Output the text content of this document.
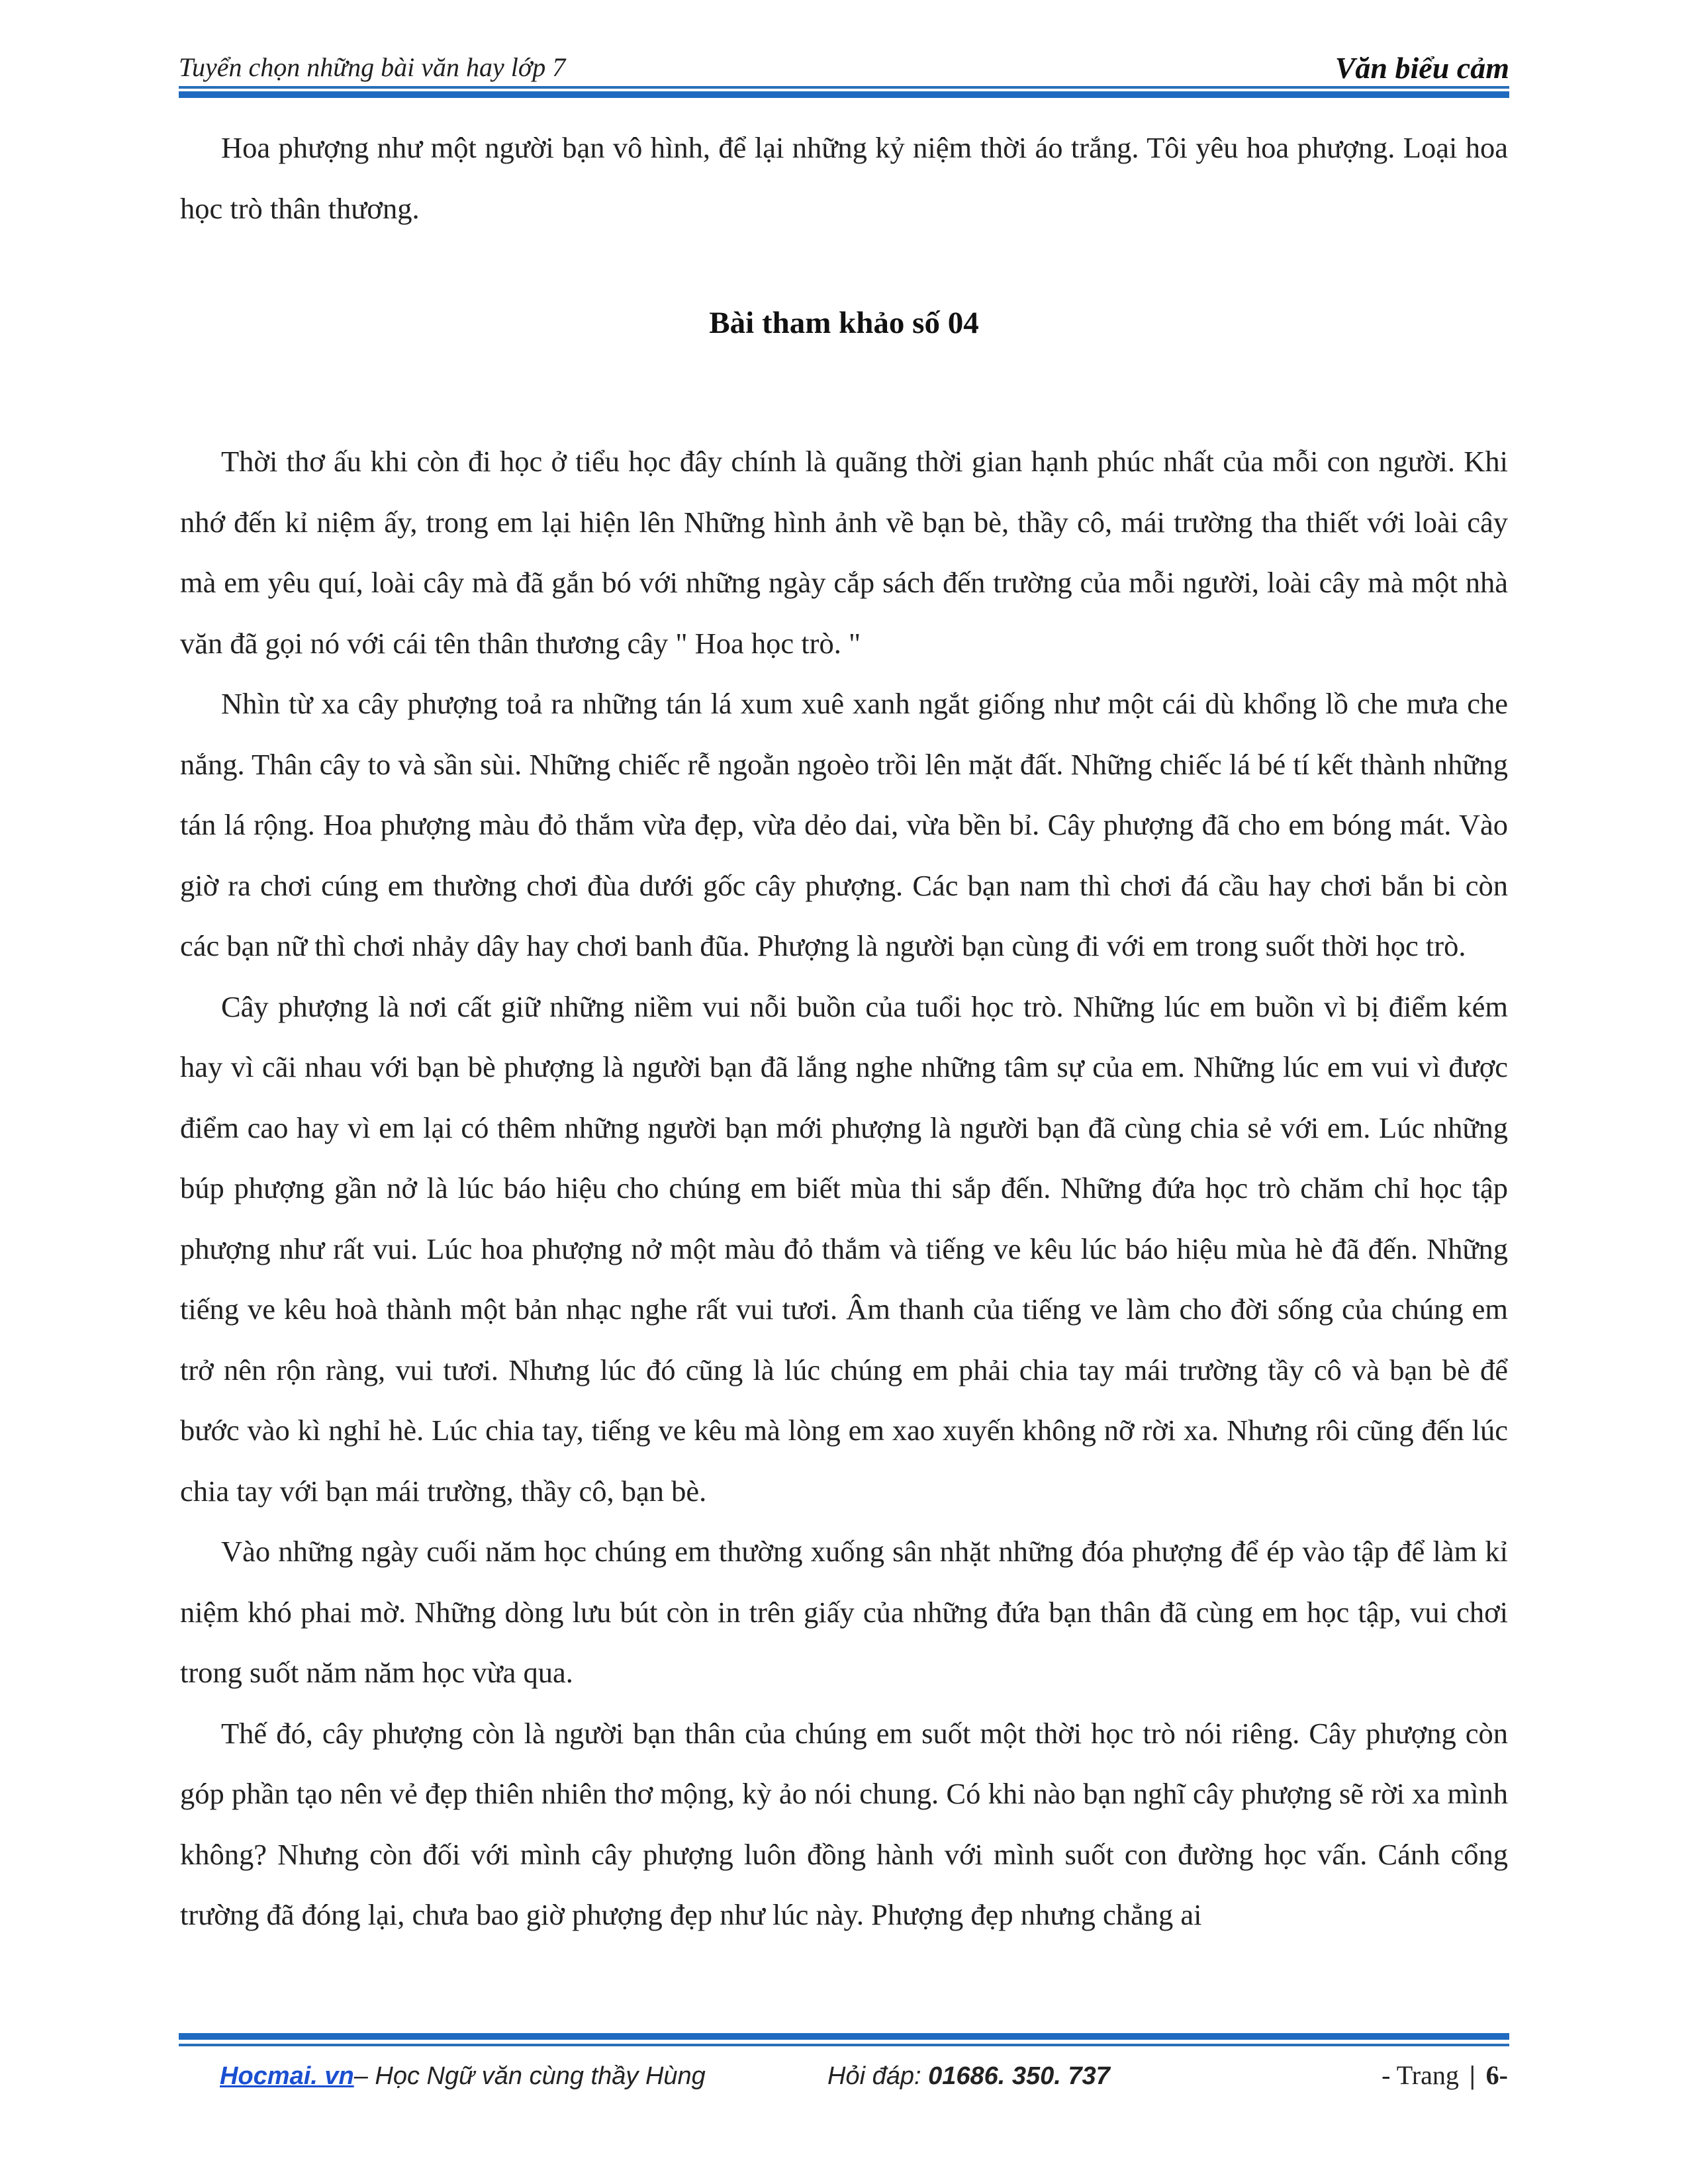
Tuyển chọn những bài văn hay lớp 7	Văn biểu cảm

Hoa phượng như một người bạn vô hình, để lại những kỷ niệm thời áo trắng. Tôi yêu hoa phượng. Loại hoa học trò thân thương.

Bài tham khảo số 04

Thời thơ ấu khi còn đi học ở tiểu học đây chính là quãng thời gian hạnh phúc nhất của mỗi con người. Khi nhớ đến kỉ niệm ấy, trong em lại hiện lên Những hình ảnh về bạn bè, thầy cô, mái trường tha thiết với loài cây mà em yêu quí, loài cây mà đã gắn bó với những ngày cắp sách đến trường của mỗi người, loài cây mà một nhà văn đã gọi nó với cái tên thân thương cây " Hoa học trò. "

Nhìn từ xa cây phượng toả ra những tán lá xum xuê xanh ngắt giống như một cái dù khổng lồ che mưa che nắng. Thân cây to và sần sùi. Những chiếc rễ ngoằn ngoèo trồi lên mặt đất. Những chiếc lá bé tí kết thành những tán lá rộng. Hoa phượng màu đỏ thắm vừa đẹp, vừa dẻo dai, vừa bền bỉ. Cây phượng đã cho em bóng mát. Vào giờ ra chơi cúng em thường chơi đùa dưới gốc cây phượng. Các bạn nam thì chơi đá cầu hay chơi bắn bi còn các bạn nữ thì chơi nhảy dây hay chơi banh đũa. Phượng là người bạn cùng đi với em trong suốt thời học trò.

Cây phượng là nơi cất giữ những niềm vui nỗi buồn của tuổi học trò. Những lúc em buồn vì bị điểm kém hay vì cãi nhau với bạn bè phượng là người bạn đã lắng nghe những tâm sự của em. Những lúc em vui vì được điểm cao hay vì em lại có thêm những người bạn mới phượng là người bạn đã cùng chia sẻ với em. Lúc những búp phượng gần nở là lúc báo hiệu cho chúng em biết mùa thi sắp đến. Những đứa học trò chăm chỉ học tập phượng như rất vui. Lúc hoa phượng nở một màu đỏ thắm và tiếng ve kêu lúc báo hiệu mùa hè đã đến. Những tiếng ve kêu hoà thành một bản nhạc nghe rất vui tươi. Âm thanh của tiếng ve làm cho đời sống của chúng em trở nên rộn ràng, vui tươi. Nhưng lúc đó cũng là lúc chúng em phải chia tay mái trường tầy cô và bạn bè để bước vào kì nghỉ hè. Lúc chia tay, tiếng ve kêu mà lòng em xao xuyến không nỡ rời xa. Nhưng rôi cũng đến lúc chia tay với bạn mái trường, thầy cô, bạn bè.

Vào những ngày cuối năm học chúng em thường xuống sân nhặt những đóa phượng để ép vào tập để làm kỉ niệm khó phai mờ. Những dòng lưu bút còn in trên giấy của những đứa bạn thân đã cùng em học tập, vui chơi trong suốt năm năm học vừa qua.

Thế đó, cây phượng còn là người bạn thân của chúng em suốt một thời học trò nói riêng. Cây phượng còn góp phần tạo nên vẻ đẹp thiên nhiên thơ mộng, kỳ ảo nói chung. Có khi nào bạn nghĩ cây phượng sẽ rời xa mình không? Nhưng còn đối với mình cây phượng luôn đồng hành với mình suốt con đường học vấn. Cánh cổng trường đã đóng lại, chưa bao giờ phượng đẹp như lúc này. Phượng đẹp nhưng chẳng ai

Hocmai. vn– Học Ngữ văn cùng thầy Hùng	Hỏi đáp: 01686. 350. 737	- Trang | 6-
